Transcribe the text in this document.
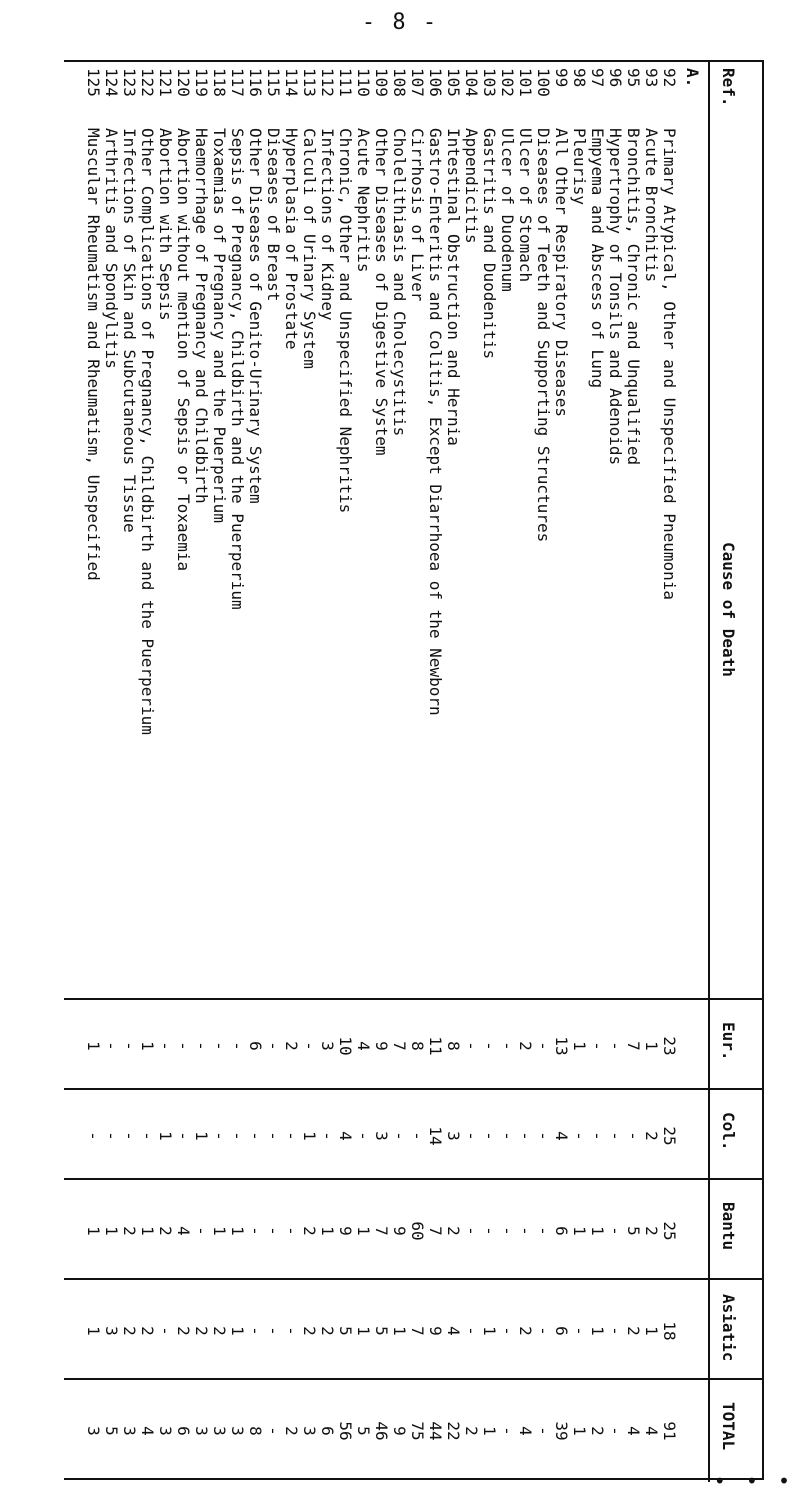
- 8 -
Ref.
Cause of Death
Eur.
Col.
Bantu
Asiatic
TOTAL
A.
92
Primary Atypical, Other and Unspecified Pneumonia
23
25
25
18
91
93
Acute Bronchitis
1
2
2
1
4
95
Bronchitis, Chronic and Unqualified
7
-
5
2
4
96
Hypertrophy of Tonsils and Adenoids
-
-
-
-
-
97
Empyema and Abscess of Lung
-
-
1
1
2
98
Pleurisy
1
-
1
-
1
99
All Other Respiratory Diseases
13
4
6
6
39
100
Diseases of Teeth and Supporting Structures
-
-
-
-
-
101
Ulcer of Stomach
2
-
-
2
4
102
Ulcer of Duodenum
-
-
-
-
-
103
Gastritis and Duodenitis
-
-
-
1
1
104
Appendicitis
-
-
-
-
2
105
Intestinal Obstruction and Hernia
8
3
2
4
22
106
Gastro-Enteritis and Colitis, Except Diarrhoea of the Newborn
11
14
7
9
44
107
Cirrhosis of Liver
8
-
60
7
75
108
Cholelithiasis and Cholecystitis
7
-
9
1
9
109
Other Diseases of Digestive System
9
3
7
5
46
110
Acute Nephritis
4
-
1
1
5
111
Chronic, Other and Unspecified Nephritis
10
4
9
5
56
112
Infections of Kidney
3
-
1
2
6
113
Calculi of Urinary System
-
1
2
2
3
114
Hyperplasia of Prostate
2
-
-
-
2
115
Diseases of Breast
-
-
-
-
-
116
Other Diseases of Genito-Urinary System
6
-
-
-
8
117
Sepsis of Pregnancy, Childbirth and the Puerperium
-
-
1
1
3
118
Toxaemias of Pregnancy and the Puerperium
-
-
1
2
3
119
Haemorrhage of Pregnancy and Childbirth
-
1
-
2
3
120
Abortion without mention of Sepsis or Toxaemia
-
-
4
2
6
121
Abortion with Sepsis
-
1
2
-
3
122
Other Complications of Pregnancy, Childbirth and the Puerperium
1
-
1
2
4
123
Infections of Skin and Subcutaneous Tissue
-
-
2
2
3
124
Arthritis and Spondylitis
-
-
1
3
5
125
Muscular Rheumatism and Rheumatism, Unspecified
1
-
1
1
3
• • •
